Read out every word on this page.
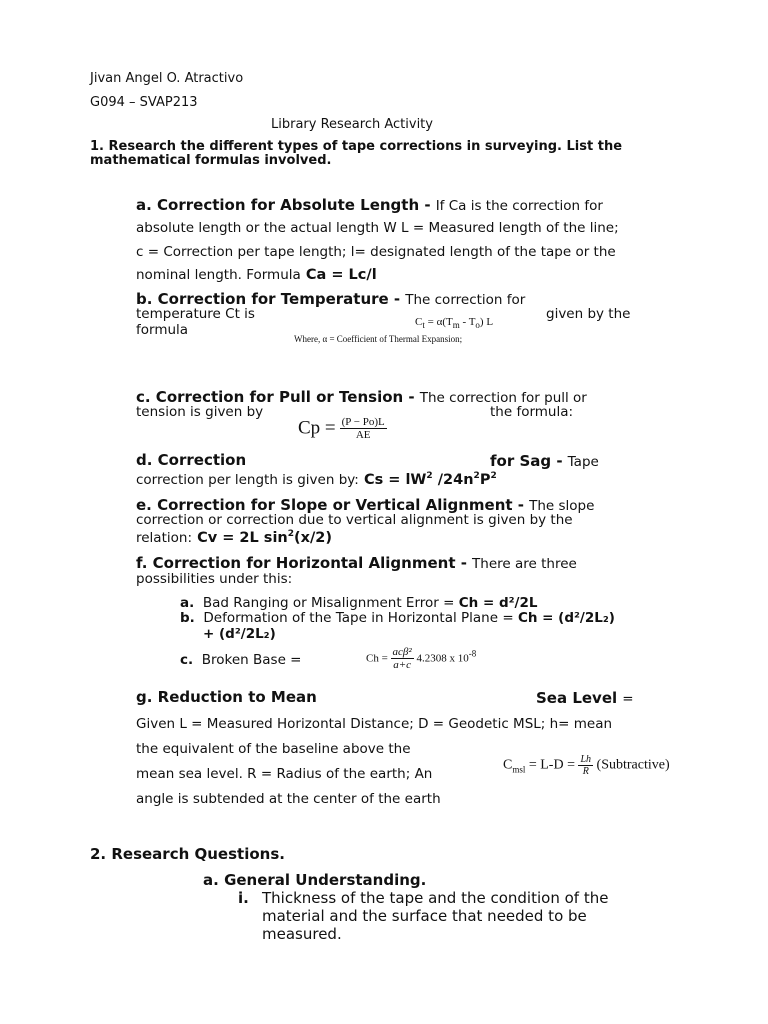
Jivan Angel O. Atractivo
G094 – SVAP213
Library Research Activity
1. Research the different types of tape corrections in surveying. List the
mathematical formulas involved.
a. Correction for Absolute Length - If Ca is the correction for
absolute length or the actual length W L = Measured length of the line;
c = Correction per tape length; l= designated length of the tape or the
nominal length. Formula Ca = Lc/l
b. Correction for Temperature - The correction for
temperature Ct is	given by the
formula	$C_t = \alpha(T_m - T_o)$ L
Where, α = Coefficient of Thermal Expansion;
c. Correction for Pull or Tension - The correction for pull or
tension is given by	the formula:
$Cp = \frac{(P - Po)L}{AE}$
d. Correction	for Sag - Tape
correction per length is given by: $Cs = lW^2$ $/24n^2P^2$
e. Correction for Slope or Vertical Alignment - The slope
correction or correction due to vertical alignment is given by the
relation: Cv = 2L $\sin^2(x/2)$
f. Correction for Horizontal Alignment - There are three
possibilities under this:
a. Bad Ranging or Misalignment Error = Ch = d²/2L
b. Deformation of the Tape in Horizontal Plane = Ch = (d²/2L₂)
+ (d²/2L₂)
c. Broken Base =	$Ch = \frac{\text{acβ²}}{a+c} 4.2308$ x $10^{-8}$
g. Reduction to Mean	Sea Level =
Given L = Measured Horizontal Distance; D = Geodetic MSL; h= mean
the equivalent of the baseline above the
mean sea level. R = Radius of the earth; An
angle is subtended at the center of the earth
$C_{msl} = L-D = \frac{Lh}{R}$ (Subtractive)
2. Research Questions.
a. General Understanding.
i. Thickness of the tape and the condition of the
material and the surface that needed to be
measured.
